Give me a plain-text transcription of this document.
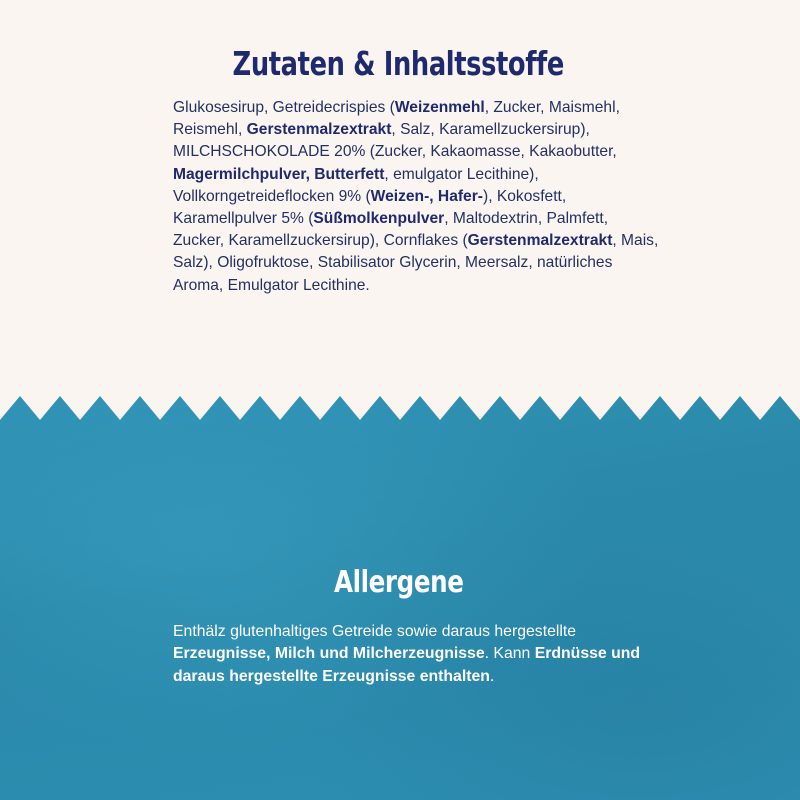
Zutaten & Inhaltsstoffe

Glukosesirup, Getreidecrispies (Weizenmehl, Zucker, Maismehl, Reismehl, Gerstenmalzextrakt, Salz, Karamellzuckersirup), MILCHSCHOKOLADE 20% (Zucker, Kakaomasse, Kakaobutter, Magermilchpulver, Butterfett, emulgator Lecithine), Vollkorngetreideflocken 9% (Weizen-, Hafer-), Kokosfett, Karamellpulver 5% (Süßmolkenpulver, Maltodextrin, Palmfett, Zucker, Karamellzuckersirup), Cornflakes (Gerstenmalzextrakt, Mais, Salz), Oligofruktose, Stabilisator Glycerin, Meersalz, natürliches Aroma, Emulgator Lecithine.

Allergene

Enthälz glutenhaltiges Getreide sowie daraus hergestellte Erzeugnisse, Milch und Milcherzeugnisse. Kann Erdnüsse und daraus hergestellte Erzeugnisse enthalten.
